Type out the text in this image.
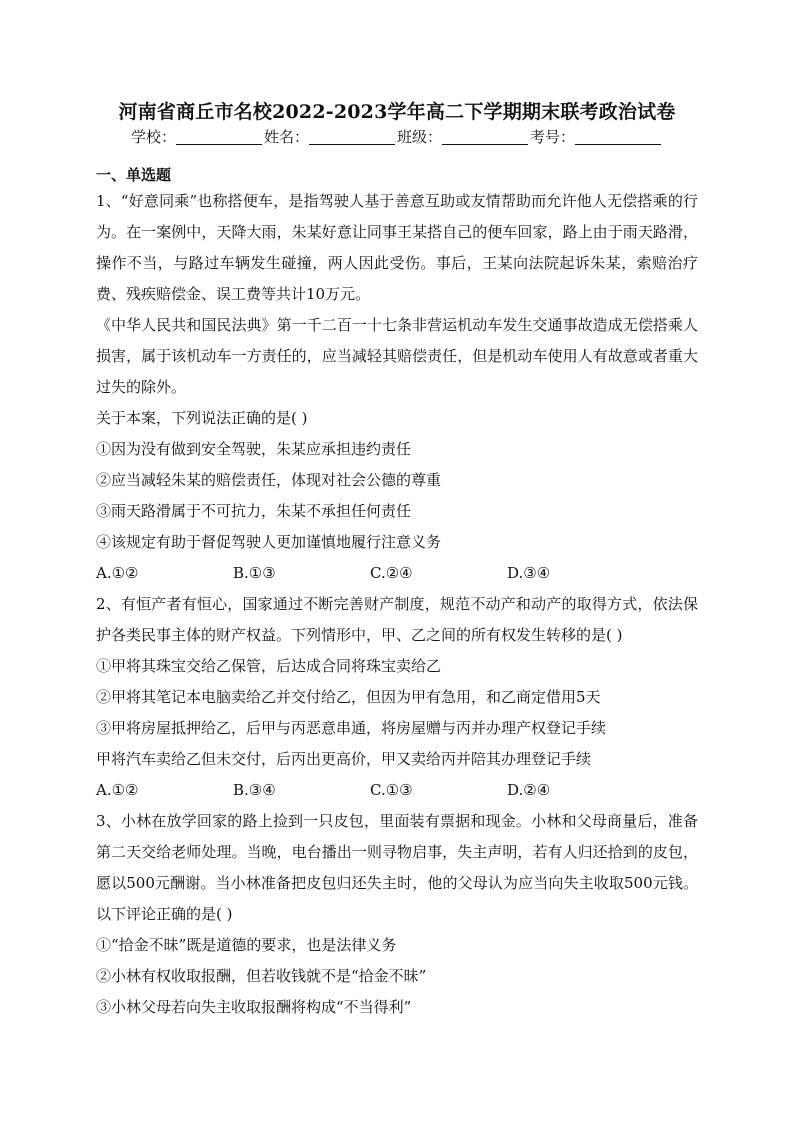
河南省商丘市名校2022-2023学年高二下学期期末联考政治试卷
学校：	姓名：	班级：	考号：
一、单选题

1、“好意同乘”也称搭便车，是指驾驶人基于善意互助或友情帮助而允许他人无偿搭乘的行为。在一案例中，天降大雨，朱某好意让同事王某搭自己的便车回家，路上由于雨天路滑，操作不当，与路过车辆发生碰撞，两人因此受伤。事后，王某向法院起诉朱某，索赔治疗费、残疾赔偿金、误工费等共计10万元。

《中华人民共和国民法典》第一千二百一十七条非营运机动车发生交通事故造成无偿搭乘人损害，属于该机动车一方责任的，应当减轻其赔偿责任，但是机动车使用人有故意或者重大过失的除外。

关于本案，下列说法正确的是( )

①因为没有做到安全驾驶，朱某应承担违约责任

②应当减轻朱某的赔偿责任，体现对社会公德的尊重

③雨天路滑属于不可抗力，朱某不承担任何责任

④该规定有助于督促驾驶人更加谨慎地履行注意义务

A.①②	B.①③	C.②④	D.③④

2、有恒产者有恒心，国家通过不断完善财产制度，规范不动产和动产的取得方式，依法保护各类民事主体的财产权益。下列情形中，甲、乙之间的所有权发生转移的是( )

①甲将其珠宝交给乙保管，后达成合同将珠宝卖给乙

②甲将其笔记本电脑卖给乙并交付给乙，但因为甲有急用，和乙商定借用5天

③甲将房屋抵押给乙，后甲与丙恶意串通，将房屋赠与丙并办理产权登记手续

甲将汽车卖给乙但未交付，后丙出更高价，甲又卖给丙并陪其办理登记手续

A.①②	B.③④	C.①③	D.②④

3、小林在放学回家的路上捡到一只皮包，里面装有票据和现金。小林和父母商量后，准备第二天交给老师处理。当晚，电台播出一则寻物启事，失主声明，若有人归还拾到的皮包，愿以500元酬谢。当小林准备把皮包归还失主时，他的父母认为应当向失主收取500元钱。以下评论正确的是( )

①“拾金不昧”既是道德的要求，也是法律义务

②小林有权收取报酬，但若收钱就不是“拾金不昧”

③小林父母若向失主收取报酬将构成“不当得利”
